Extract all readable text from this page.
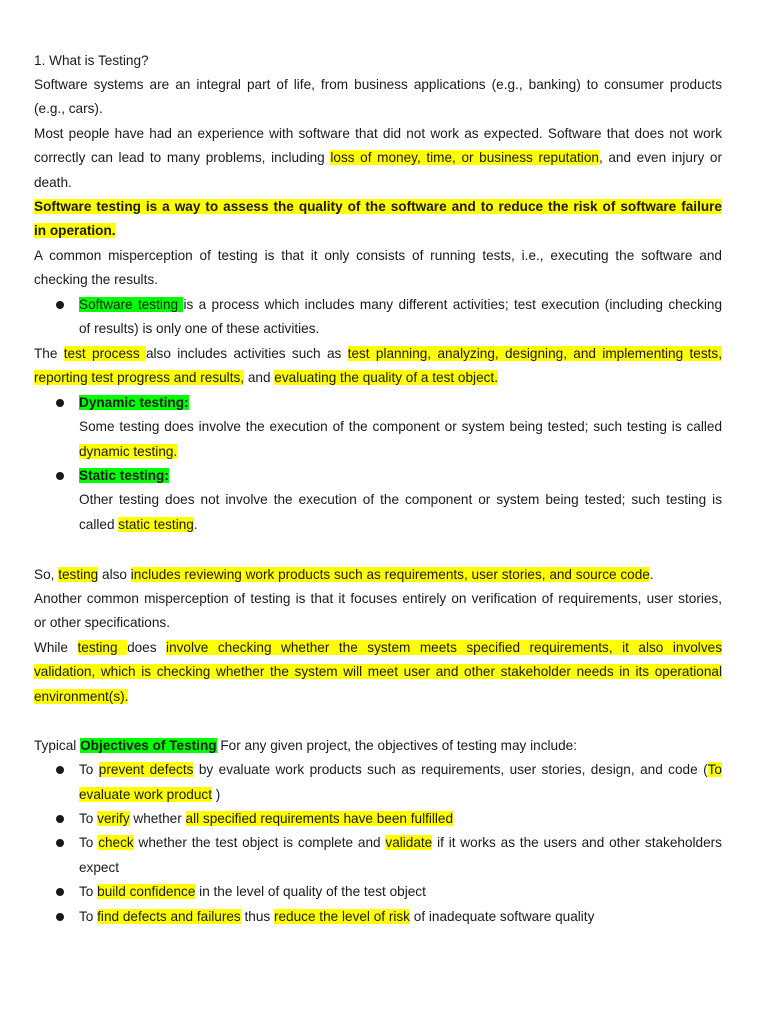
1. What is Testing?

Software systems are an integral part of life, from business applications (e.g., banking) to consumer products

(e.g., cars).

Most people have had an experience with software that did not work as expected. Software that does not work

correctly can lead to many problems, including loss of money, time, or business reputation, and even injury or

death.

Software testing is a way to assess the quality of the software and to reduce the risk of software failure

in operation.

A common misperception of testing is that it only consists of running tests, i.e., executing the software and

checking the results.

Software testing is a process which includes many different activities; test execution (including checking

of results) is only one of these activities.

The test process also includes activities such as test planning, analyzing, designing, and implementing tests,

reporting test progress and results, and evaluating the quality of a test object.

Dynamic testing:

Some testing does involve the execution of the component or system being tested; such testing is called

dynamic testing.

Static testing:

Other testing does not involve the execution of the component or system being tested; such testing is

called static testing.

So, testing also includes reviewing work products such as requirements, user stories, and source code.

Another common misperception of testing is that it focuses entirely on verification of requirements, user stories,

or other specifications.

While testing does involve checking whether the system meets specified requirements, it also involves

validation, which is checking whether the system will meet user and other stakeholder needs in its operational

environment(s).

Typical Objectives of Testing For any given project, the objectives of testing may include:

To prevent defects by evaluate work products such as requirements, user stories, design, and code (To

evaluate work product )

To verify whether all specified requirements have been fulfilled

To check whether the test object is complete and validate if it works as the users and other stakeholders

expect

To build confidence in the level of quality of the test object

To find defects and failures thus reduce the level of risk of inadequate software quality
